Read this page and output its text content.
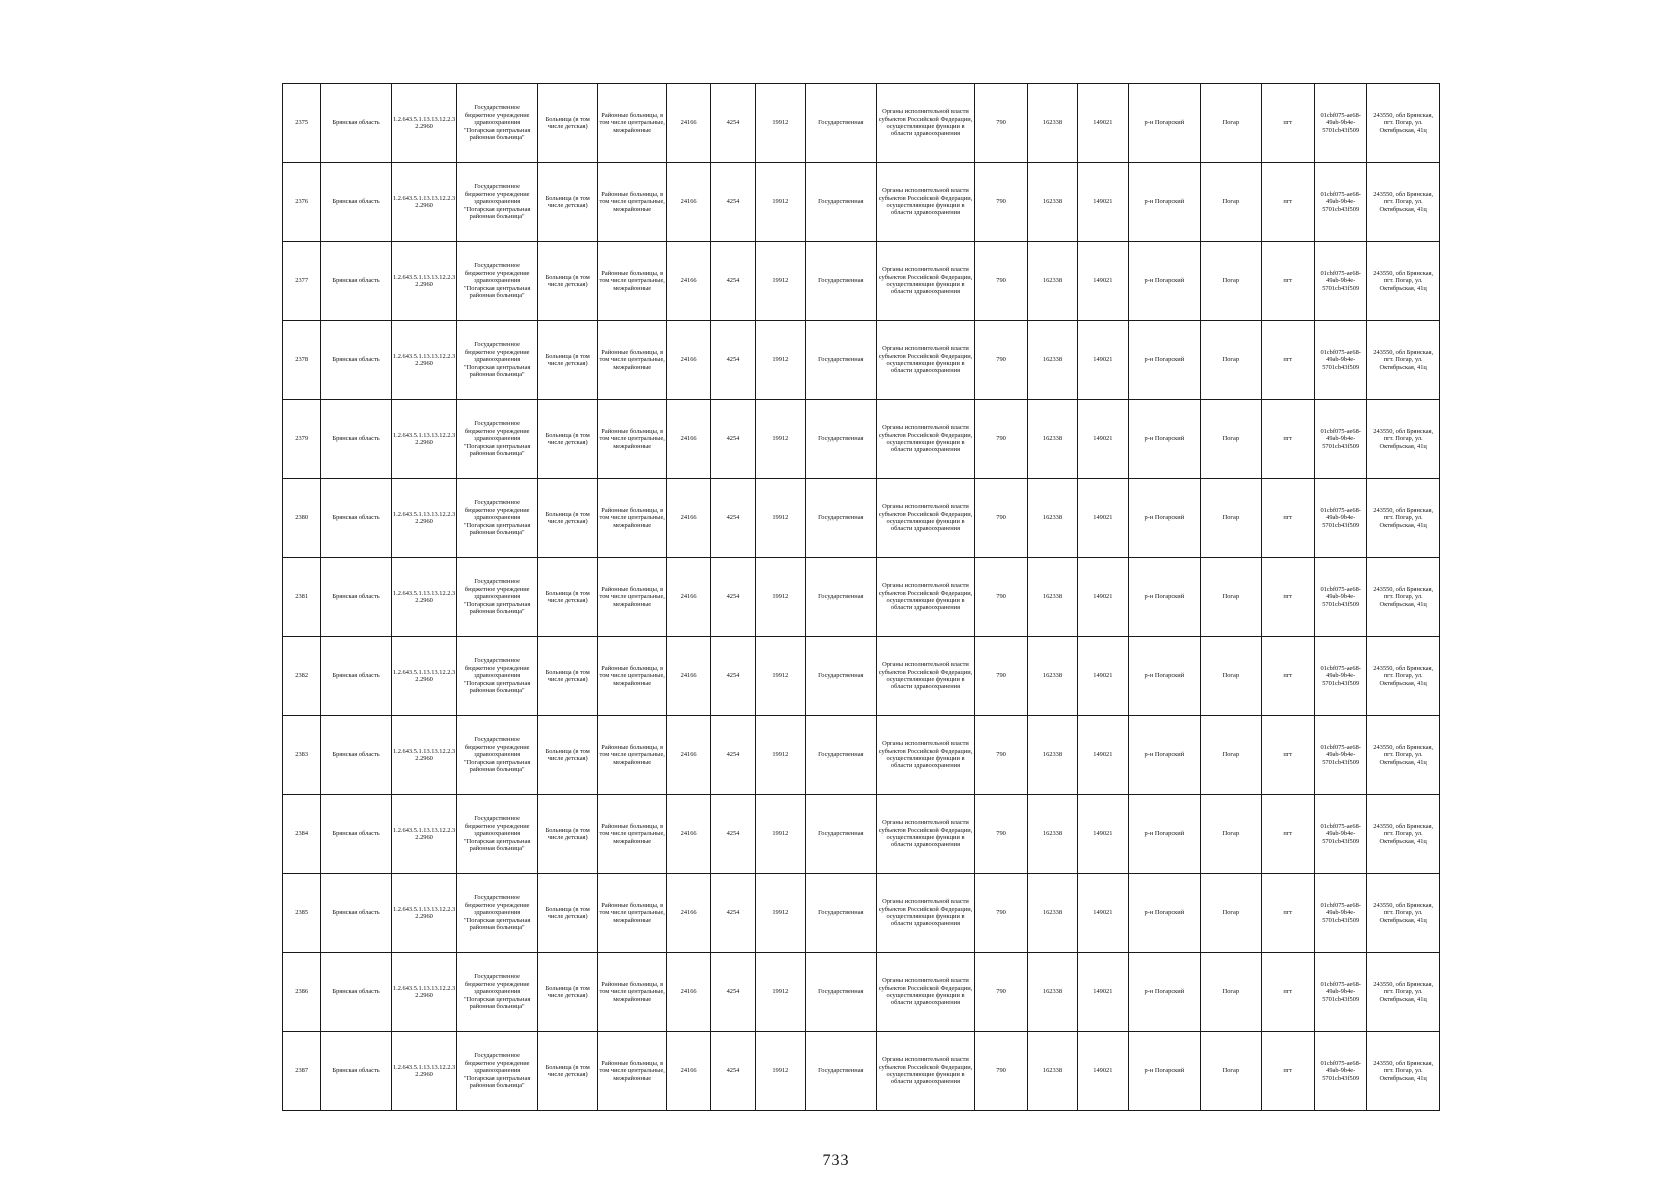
2375	Брянская область	1.2.643.5.1.13.13.12.2.32.2960	Государственное бюджетное учреждение здравоохранения "Погарская центральная районная больница"	Больница (в том числе детская)	Районные больницы, в том числе центральные, межрайонные	24166	4254	19912	Государственная	Органы исполнительной власти субъектов Российской Федерации, осуществляющие функции в области здравоохранения	790	162338	149021	р-н Погарский	Погар	пгт	01cbf075-ae68-49ab-9b4e-5701cb43f509	243550, обл Брянская, пгт. Погар, ул. Октябрьская, 41ц
2376	Брянская область	1.2.643.5.1.13.13.12.2.32.2960	Государственное бюджетное учреждение здравоохранения "Погарская центральная районная больница"	Больница (в том числе детская)	Районные больницы, в том числе центральные, межрайонные	24166	4254	19912	Государственная	Органы исполнительной власти субъектов Российской Федерации, осуществляющие функции в области здравоохранения	790	162338	149021	р-н Погарский	Погар	пгт	01cbf075-ae68-49ab-9b4e-5701cb43f509	243550, обл Брянская, пгт. Погар, ул. Октябрьская, 41ц
2377	Брянская область	1.2.643.5.1.13.13.12.2.32.2960	Государственное бюджетное учреждение здравоохранения "Погарская центральная районная больница"	Больница (в том числе детская)	Районные больницы, в том числе центральные, межрайонные	24166	4254	19912	Государственная	Органы исполнительной власти субъектов Российской Федерации, осуществляющие функции в области здравоохранения	790	162338	149021	р-н Погарский	Погар	пгт	01cbf075-ae68-49ab-9b4e-5701cb43f509	243550, обл Брянская, пгт. Погар, ул. Октябрьская, 41ц
2378	Брянская область	1.2.643.5.1.13.13.12.2.32.2960	Государственное бюджетное учреждение здравоохранения "Погарская центральная районная больница"	Больница (в том числе детская)	Районные больницы, в том числе центральные, межрайонные	24166	4254	19912	Государственная	Органы исполнительной власти субъектов Российской Федерации, осуществляющие функции в области здравоохранения	790	162338	149021	р-н Погарский	Погар	пгт	01cbf075-ae68-49ab-9b4e-5701cb43f509	243550, обл Брянская, пгт. Погар, ул. Октябрьская, 41ц
2379	Брянская область	1.2.643.5.1.13.13.12.2.32.2960	Государственное бюджетное учреждение здравоохранения "Погарская центральная районная больница"	Больница (в том числе детская)	Районные больницы, в том числе центральные, межрайонные	24166	4254	19912	Государственная	Органы исполнительной власти субъектов Российской Федерации, осуществляющие функции в области здравоохранения	790	162338	149021	р-н Погарский	Погар	пгт	01cbf075-ae68-49ab-9b4e-5701cb43f509	243550, обл Брянская, пгт. Погар, ул. Октябрьская, 41ц
2380	Брянская область	1.2.643.5.1.13.13.12.2.32.2960	Государственное бюджетное учреждение здравоохранения "Погарская центральная районная больница"	Больница (в том числе детская)	Районные больницы, в том числе центральные, межрайонные	24166	4254	19912	Государственная	Органы исполнительной власти субъектов Российской Федерации, осуществляющие функции в области здравоохранения	790	162338	149021	р-н Погарский	Погар	пгт	01cbf075-ae68-49ab-9b4e-5701cb43f509	243550, обл Брянская, пгт. Погар, ул. Октябрьская, 41ц
2381	Брянская область	1.2.643.5.1.13.13.12.2.32.2960	Государственное бюджетное учреждение здравоохранения "Погарская центральная районная больница"	Больница (в том числе детская)	Районные больницы, в том числе центральные, межрайонные	24166	4254	19912	Государственная	Органы исполнительной власти субъектов Российской Федерации, осуществляющие функции в области здравоохранения	790	162338	149021	р-н Погарский	Погар	пгт	01cbf075-ae68-49ab-9b4e-5701cb43f509	243550, обл Брянская, пгт. Погар, ул. Октябрьская, 41ц
2382	Брянская область	1.2.643.5.1.13.13.12.2.32.2960	Государственное бюджетное учреждение здравоохранения "Погарская центральная районная больница"	Больница (в том числе детская)	Районные больницы, в том числе центральные, межрайонные	24166	4254	19912	Государственная	Органы исполнительной власти субъектов Российской Федерации, осуществляющие функции в области здравоохранения	790	162338	149021	р-н Погарский	Погар	пгт	01cbf075-ae68-49ab-9b4e-5701cb43f509	243550, обл Брянская, пгт. Погар, ул. Октябрьская, 41ц
2383	Брянская область	1.2.643.5.1.13.13.12.2.32.2960	Государственное бюджетное учреждение здравоохранения "Погарская центральная районная больница"	Больница (в том числе детская)	Районные больницы, в том числе центральные, межрайонные	24166	4254	19912	Государственная	Органы исполнительной власти субъектов Российской Федерации, осуществляющие функции в области здравоохранения	790	162338	149021	р-н Погарский	Погар	пгт	01cbf075-ae68-49ab-9b4e-5701cb43f509	243550, обл Брянская, пгт. Погар, ул. Октябрьская, 41ц
2384	Брянская область	1.2.643.5.1.13.13.12.2.32.2960	Государственное бюджетное учреждение здравоохранения "Погарская центральная районная больница"	Больница (в том числе детская)	Районные больницы, в том числе центральные, межрайонные	24166	4254	19912	Государственная	Органы исполнительной власти субъектов Российской Федерации, осуществляющие функции в области здравоохранения	790	162338	149021	р-н Погарский	Погар	пгт	01cbf075-ae68-49ab-9b4e-5701cb43f509	243550, обл Брянская, пгт. Погар, ул. Октябрьская, 41ц
2385	Брянская область	1.2.643.5.1.13.13.12.2.32.2960	Государственное бюджетное учреждение здравоохранения "Погарская центральная районная больница"	Больница (в том числе детская)	Районные больницы, в том числе центральные, межрайонные	24166	4254	19912	Государственная	Органы исполнительной власти субъектов Российской Федерации, осуществляющие функции в области здравоохранения	790	162338	149021	р-н Погарский	Погар	пгт	01cbf075-ae68-49ab-9b4e-5701cb43f509	243550, обл Брянская, пгт. Погар, ул. Октябрьская, 41ц
2386	Брянская область	1.2.643.5.1.13.13.12.2.32.2960	Государственное бюджетное учреждение здравоохранения "Погарская центральная районная больница"	Больница (в том числе детская)	Районные больницы, в том числе центральные, межрайонные	24166	4254	19912	Государственная	Органы исполнительной власти субъектов Российской Федерации, осуществляющие функции в области здравоохранения	790	162338	149021	р-н Погарский	Погар	пгт	01cbf075-ae68-49ab-9b4e-5701cb43f509	243550, обл Брянская, пгт. Погар, ул. Октябрьская, 41ц
2387	Брянская область	1.2.643.5.1.13.13.12.2.32.2960	Государственное бюджетное учреждение здравоохранения "Погарская центральная районная больница"	Больница (в том числе детская)	Районные больницы, в том числе центральные, межрайонные	24166	4254	19912	Государственная	Органы исполнительной власти субъектов Российской Федерации, осуществляющие функции в области здравоохранения	790	162338	149021	р-н Погарский	Погар	пгт	01cbf075-ae68-49ab-9b4e-5701cb43f509	243550, обл Брянская, пгт. Погар, ул. Октябрьская, 41ц
733
